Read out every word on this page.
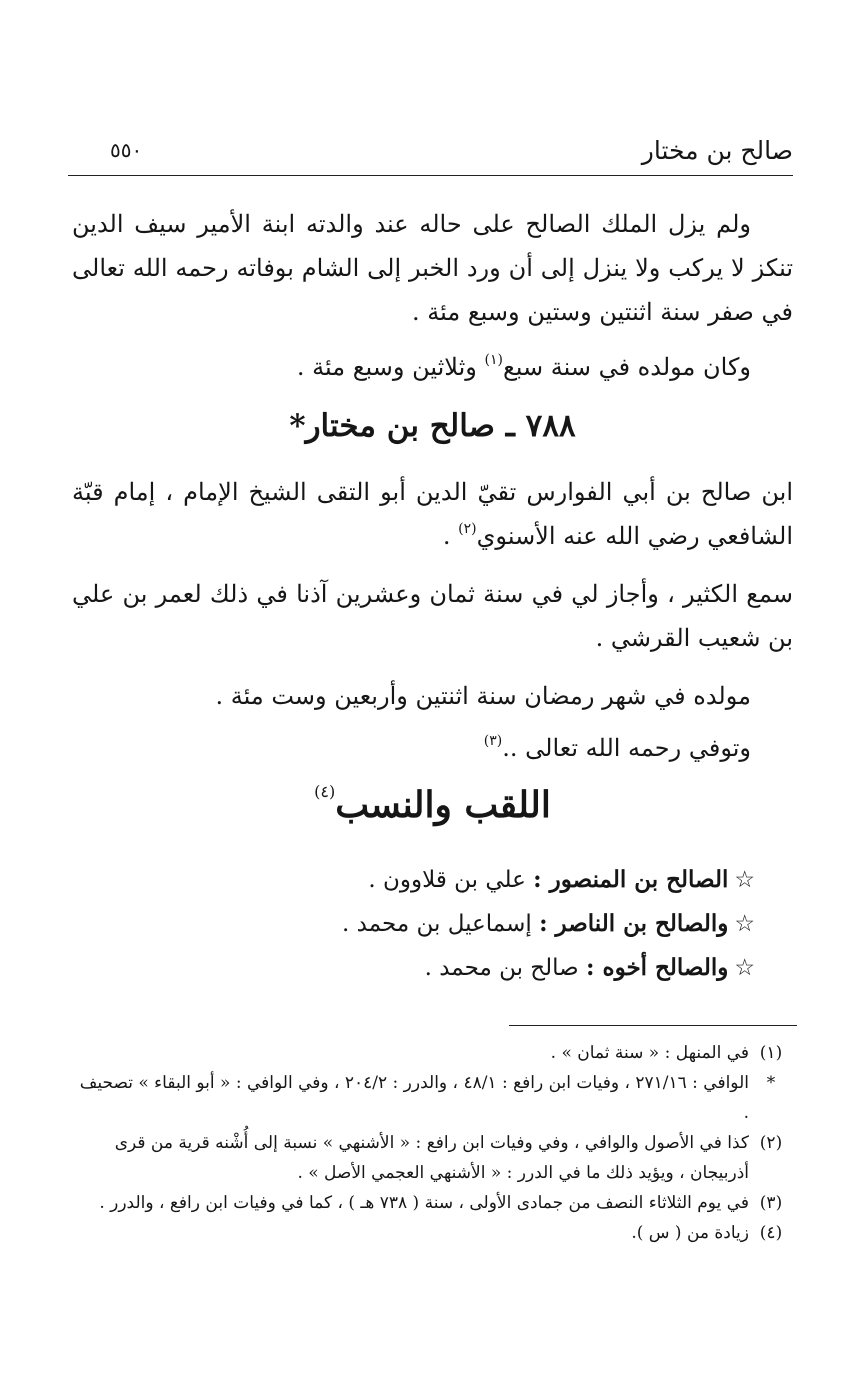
صالح بن مختار
٥٥٠

ولم يزل الملك الصالح على حاله عند والدته ابنة الأمير سيف الدين تنكز لا يركب ولا ينزل إلى أن ورد الخبر إلى الشام بوفاته رحمه الله تعالى في صفر سنة اثنتين وستين وسبع مئة .

وكان مولده في سنة سبع$^{(١)}$ وثلاثين وسبع مئة .

٧٨٨ ـ صالح بن مختار*

ابن صالح بن أبي الفوارس تقيّ الدين أبو التقى الشيخ الإمام ، إمام قبّة الشافعي رضي الله عنه الأسنوي$^{(٢)}$ .

سمع الكثير ، وأجاز لي في سنة ثمان وعشرين آذنا في ذلك لعمر بن علي بن شعيب القرشي .

مولده في شهر رمضان سنة اثنتين وأربعين وست مئة .

وتوفي رحمه الله تعالى ..$^{(٣)}$

اللقب والنسب$^{(٤)}$
☆الصالح بن المنصور : علي بن قلاوون .
☆والصالح بن الناصر : إسماعيل بن محمد .
☆والصالح أخوه : صالح بن محمد .
(١)
في المنهل : « سنة ثمان » .
*
الوافي : ٢٧١/١٦ ، وفيات ابن رافع : ٤٨/١ ، والدرر : ٢٠٤/٢ ، وفي الوافي : « أبو البقاء » تصحيف .
(٢)
كذا في الأصول والوافي ، وفي وفيات ابن رافع : « الأشنهي » نسبة إلى أُشْنه قرية من قرى أذربيجان ، ويؤيد ذلك ما في الدرر : « الأشنهي العجمي الأصل » .
(٣)
في يوم الثلاثاء النصف من جمادى الأولى ، سنة ( ٧٣٨ هـ ) ، كما في وفيات ابن رافع ، والدرر .
(٤)
زيادة من ( س ).
